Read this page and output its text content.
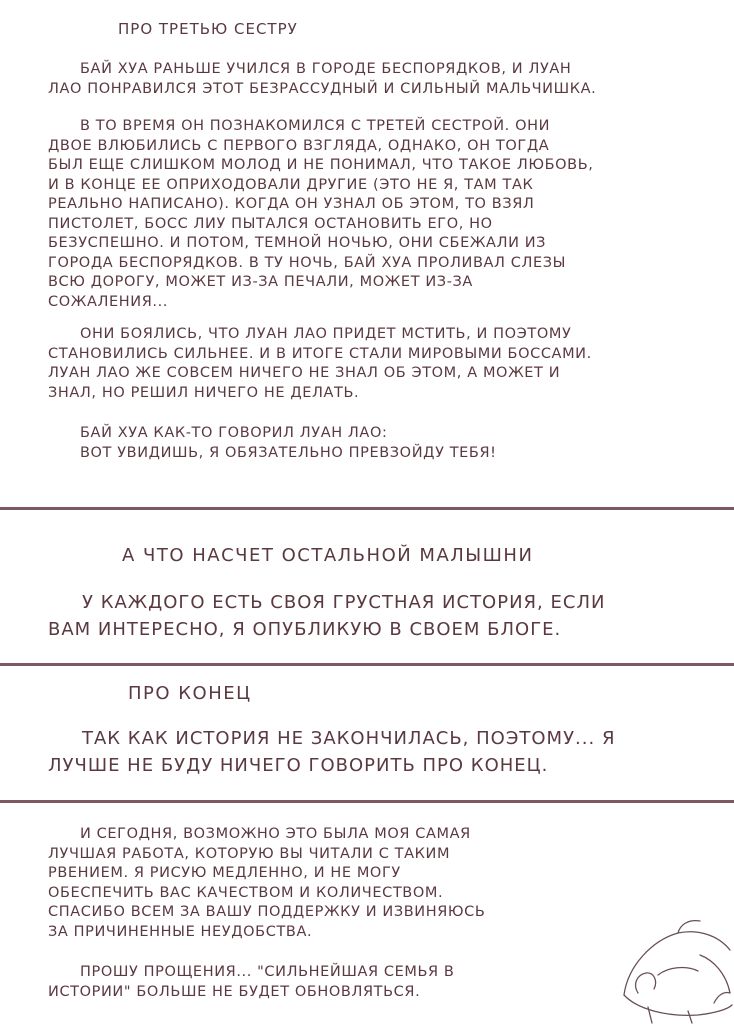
ПРО ТРЕТЬЮ СЕСТРУ
БАЙ ХУА РАНЬШЕ УЧИЛСЯ В ГОРОДЕ БЕСПОРЯДКОВ, И ЛУАН
ЛАО ПОНРАВИЛСЯ ЭТОТ БЕЗРАССУДНЫЙ И СИЛЬНЫЙ МАЛЬЧИШКА.
В ТО ВРЕМЯ ОН ПОЗНАКОМИЛСЯ С ТРЕТЕЙ СЕСТРОЙ. ОНИ
ДВОЕ ВЛЮБИЛИСЬ С ПЕРВОГО ВЗГЛЯДА, ОДНАКО, ОН ТОГДА
БЫЛ ЕЩЕ СЛИШКОМ МОЛОД И НЕ ПОНИМАЛ, ЧТО ТАКОЕ ЛЮБОВЬ,
И В КОНЦЕ ЕЕ ОПРИХОДОВАЛИ ДРУГИЕ (ЭТО НЕ Я, ТАМ ТАК
РЕАЛЬНО НАПИСАНО). КОГДА ОН УЗНАЛ ОБ ЭТОМ, ТО ВЗЯЛ
ПИСТОЛЕТ, БОСС ЛИУ ПЫТАЛСЯ ОСТАНОВИТЬ ЕГО, НО
БЕЗУСПЕШНО. И ПОТОМ, ТЕМНОЙ НОЧЬЮ, ОНИ СБЕЖАЛИ ИЗ
ГОРОДА БЕСПОРЯДКОВ. В ТУ НОЧЬ, БАЙ ХУА ПРОЛИВАЛ СЛЕЗЫ
ВСЮ ДОРОГУ, МОЖЕТ ИЗ-ЗА ПЕЧАЛИ, МОЖЕТ ИЗ-ЗА
СОЖАЛЕНИЯ...
ОНИ БОЯЛИСЬ, ЧТО ЛУАН ЛАО ПРИДЕТ МСТИТЬ, И ПОЭТОМУ
СТАНОВИЛИСЬ СИЛЬНЕЕ. И В ИТОГЕ СТАЛИ МИРОВЫМИ БОССАМИ.
ЛУАН ЛАО ЖЕ СОВСЕМ НИЧЕГО НЕ ЗНАЛ ОБ ЭТОМ, А МОЖЕТ И
ЗНАЛ, НО РЕШИЛ НИЧЕГО НЕ ДЕЛАТЬ.
БАЙ ХУА КАК-ТО ГОВОРИЛ ЛУАН ЛАО:
ВОТ УВИДИШЬ, Я ОБЯЗАТЕЛЬНО ПРЕВЗОЙДУ ТЕБЯ!
А ЧТО НАСЧЕТ ОСТАЛЬНОЙ МАЛЫШНИ
У КАЖДОГО ЕСТЬ СВОЯ ГРУСТНАЯ ИСТОРИЯ, ЕСЛИ
ВАМ ИНТЕРЕСНО, Я ОПУБЛИКУЮ В СВОЕМ БЛОГЕ.
ПРО КОНЕЦ
ТАК КАК ИСТОРИЯ НЕ ЗАКОНЧИЛАСЬ, ПОЭТОМУ... Я
ЛУЧШЕ НЕ БУДУ НИЧЕГО ГОВОРИТЬ ПРО КОНЕЦ.
И СЕГОДНЯ, ВОЗМОЖНО ЭТО БЫЛА МОЯ САМАЯ
ЛУЧШАЯ РАБОТА, КОТОРУЮ ВЫ ЧИТАЛИ С ТАКИМ
РВЕНИЕМ. Я РИСУЮ МЕДЛЕННО, И НЕ МОГУ
ОБЕСПЕЧИТЬ ВАС КАЧЕСТВОМ И КОЛИЧЕСТВОМ.
СПАСИБО ВСЕМ ЗА ВАШУ ПОДДЕРЖКУ И ИЗВИНЯЮСЬ
ЗА ПРИЧИНЕННЫЕ НЕУДОБСТВА.
ПРОШУ ПРОЩЕНИЯ... "СИЛЬНЕЙШАЯ СЕМЬЯ В
ИСТОРИИ" БОЛЬШЕ НЕ БУДЕТ ОБНОВЛЯТЬСЯ.
